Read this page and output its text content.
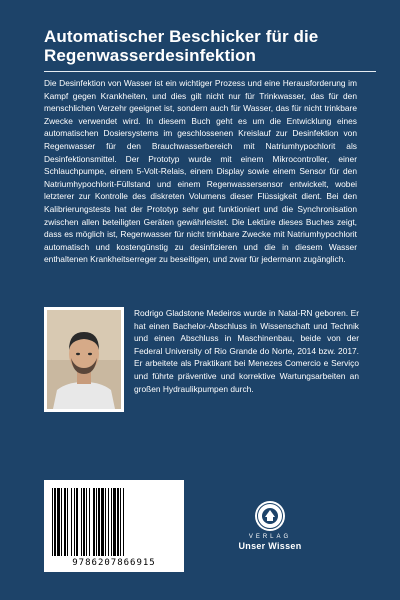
Automatischer Beschicker für die Regenwasserdesinfektion

Die Desinfektion von Wasser ist ein wichtiger Prozess und eine Herausforderung im Kampf gegen Krankheiten, und dies gilt nicht nur für Trinkwasser, das für den menschlichen Verzehr geeignet ist, sondern auch für Wasser, das für nicht trinkbare Zwecke verwendet wird. In diesem Buch geht es um die Entwicklung eines automatischen Dosiersystems im geschlossenen Kreislauf zur Desinfektion von Regenwasser für den Brauchwasserbereich mit Natriumhypochlorit als Desinfektionsmittel. Der Prototyp wurde mit einem Mikrocontroller, einer Schlauchpumpe, einem 5-Volt-Relais, einem Display sowie einem Sensor für den Natriumhypochlorit-Füllstand und einem Regenwassersensor entwickelt, wobei letzterer zur Kontrolle des diskreten Volumens dieser Flüssigkeit dient. Bei den Kalibrierungstests hat der Prototyp sehr gut funktioniert und die Synchronisation zwischen allen beteiligten Geräten gewährleistet. Die Lektüre dieses Buches zeigt, dass es möglich ist, Regenwasser für nicht trinkbare Zwecke mit Natriumhypochlorit automatisch und kostengünstig zu desinfizieren und die in diesem Wasser enthaltenen Krankheitserreger zu beseitigen, und zwar für jedermann zugänglich.

Rodrigo Gladstone Medeiros wurde in Natal-RN geboren. Er hat einen Bachelor-Abschluss in Wissenschaft und Technik und einen Abschluss in Maschinenbau, beide von der Federal University of Rio Grande do Norte, 2014 bzw. 2017. Er arbeitete als Praktikant bei Menezes Comercio e Serviço und führte präventive und korrektive Wartungsarbeiten an großen Hydraulikpumpen durch.

9786207866915
VERLAG
Unser Wissen
